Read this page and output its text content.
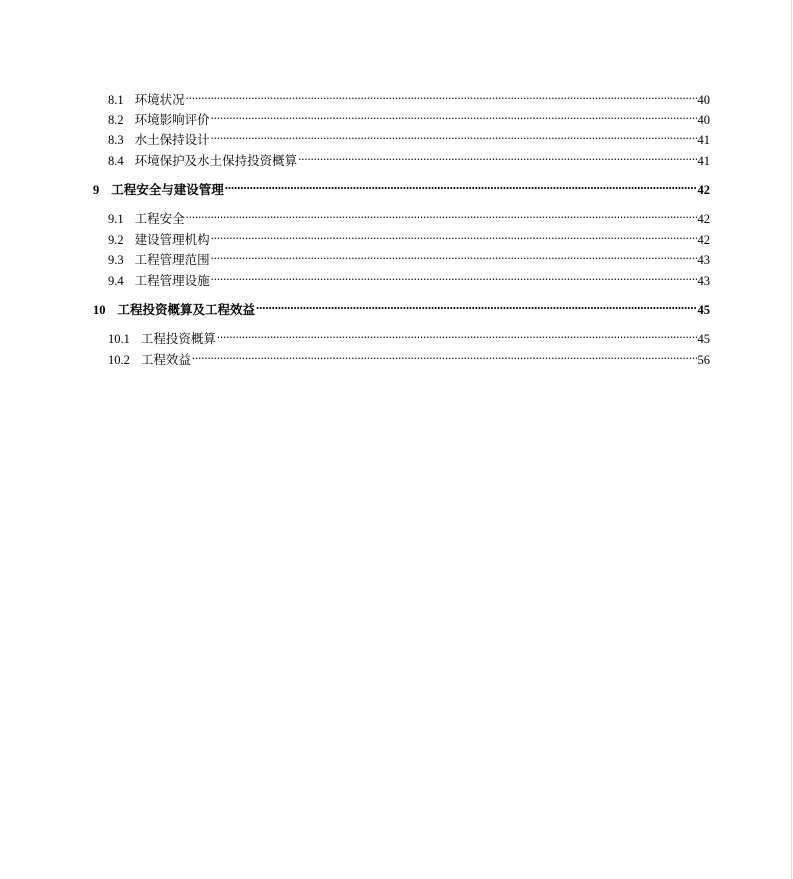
8.1 环境状况 .....	40
8.2 环境影响评价 .....	40
8.3 水土保持设计 .....	41
8.4 环境保护及水土保持投资概算 .....	41
9 工程安全与建设管理 .....	42
9.1 工程安全 .....	42
9.2 建设管理机构 .....	42
9.3 工程管理范围 .....	43
9.4 工程管理设施 .....	43
10 工程投资概算及工程效益 .....	45
10.1 工程投资概算 .....	45
10.2 工程效益 .....	56
